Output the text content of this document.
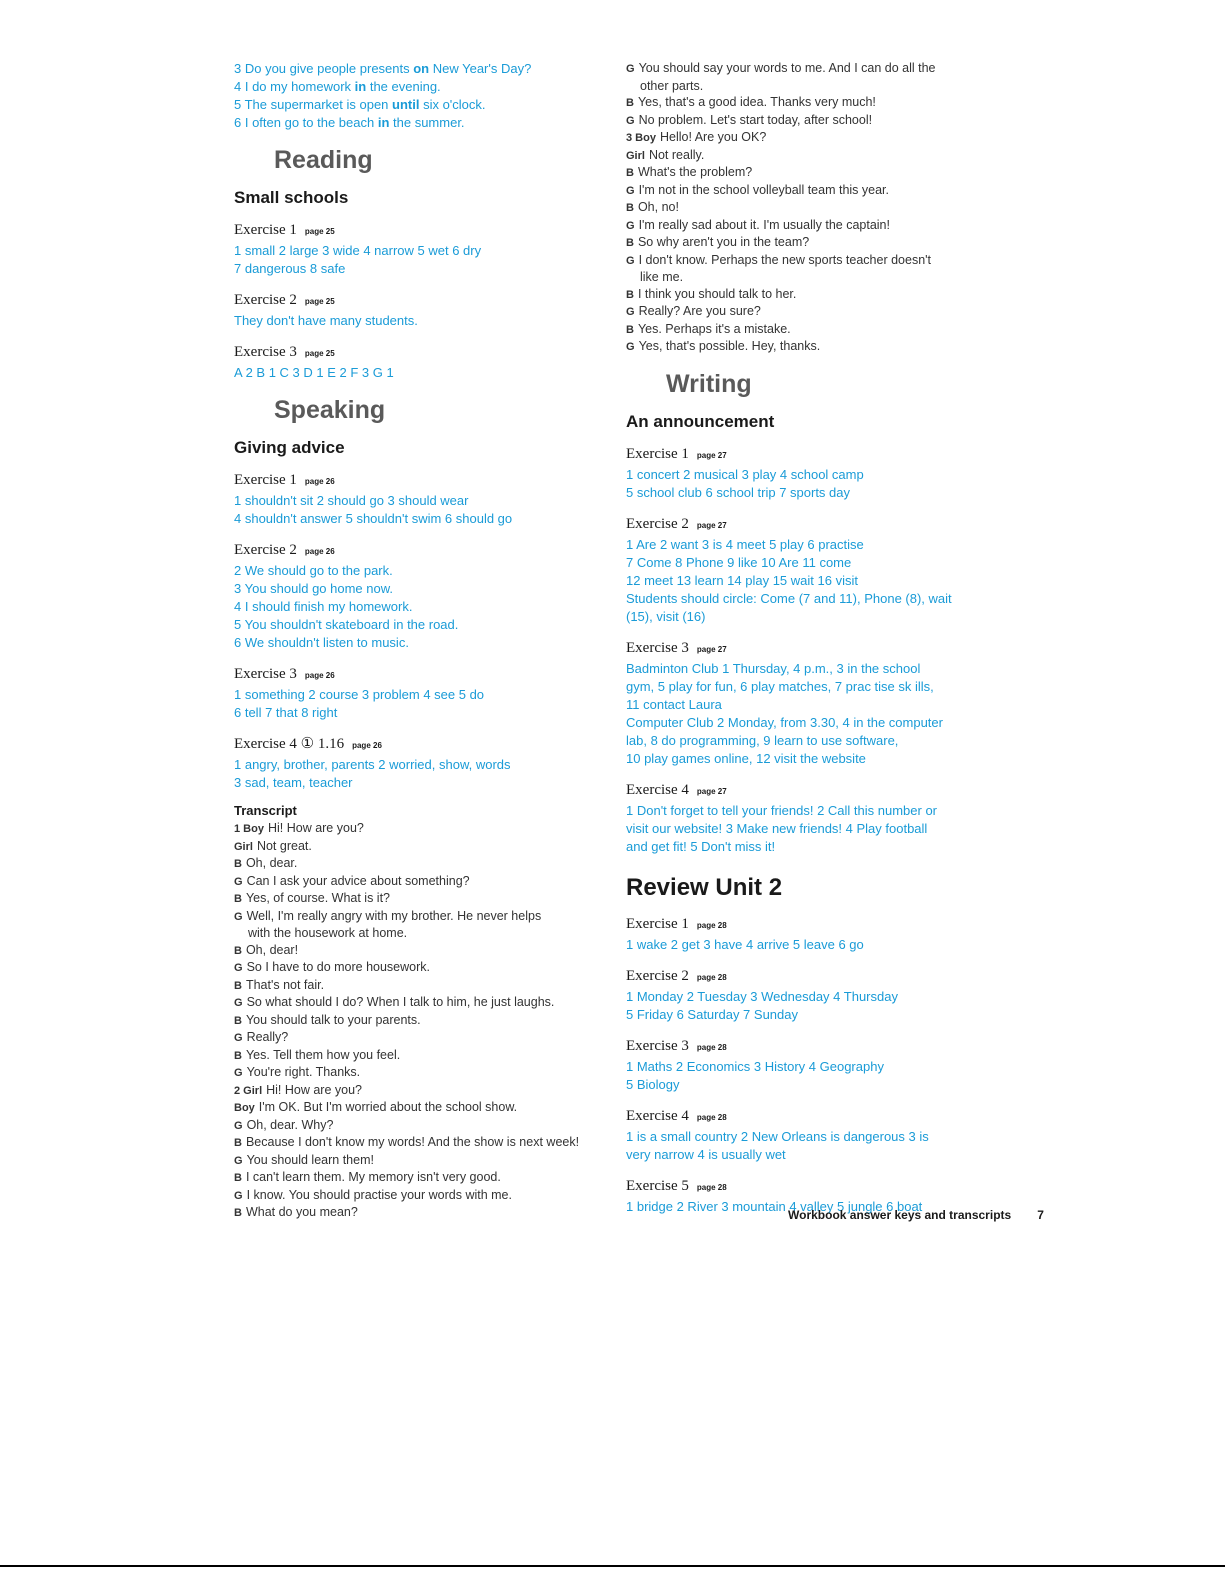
3 Do you give people presents on New Year's Day?
4 I do my homework in the evening.
5 The supermarket is open until six o'clock.
6 I often go to the beach in the summer.
Reading
Small schools
Exercise 1 page 25
1 small 2 large 3 wide 4 narrow 5 wet 6 dry
7 dangerous 8 safe
Exercise 2 page 25
They don't have many students.
Exercise 3 page 25
A 2 B 1 C 3 D 1 E 2 F 3 G 1
Speaking
Giving advice
Exercise 1 page 26
1 shouldn't sit 2 should go 3 should wear
4 shouldn't answer 5 shouldn't swim 6 should go
Exercise 2 page 26
2 We should go to the park.
3 You should go home now.
4 I should finish my homework.
5 You shouldn't skateboard in the road.
6 We shouldn't listen to music.
Exercise 3 page 26
1 something 2 course 3 problem 4 see 5 do
6 tell 7 that 8 right
Exercise 4 ① 1.16 page 26
1 angry, brother, parents 2 worried, show, words
3 sad, team, teacher
Transcript
1 Boy Hi! How are you?
Girl Not great.
B Oh, dear.
G Can I ask your advice about something?
B Yes, of course. What is it?
G Well, I'm really angry with my brother. He never helps
with the housework at home.
B Oh, dear!
G So I have to do more housework.
B That's not fair.
G So what should I do? When I talk to him, he just laughs.
B You should talk to your parents.
G Really?
B Yes. Tell them how you feel.
G You're right. Thanks.
2 Girl Hi! How are you?
Boy I'm OK. But I'm worried about the school show.
G Oh, dear. Why?
B Because I don't know my words! And the show is next week!
G You should learn them!
B I can't learn them. My memory isn't very good.
G I know. You should practise your words with me.
B What do you mean?
G You should say your words to me. And I can do all the
other parts.
B Yes, that's a good idea. Thanks very much!
G No problem. Let's start today, after school!
3 Boy Hello! Are you OK?
Girl Not really.
B What's the problem?
G I'm not in the school volleyball team this year.
B Oh, no!
G I'm really sad about it. I'm usually the captain!
B So why aren't you in the team?
G I don't know. Perhaps the new sports teacher doesn't
like me.
B I think you should talk to her.
G Really? Are you sure?
B Yes. Perhaps it's a mistake.
G Yes, that's possible. Hey, thanks.
Writing
An announcement
Exercise 1 page 27
1 concert 2 musical 3 play 4 school camp
5 school club 6 school trip 7 sports day
Exercise 2 page 27
1 Are 2 want 3 is 4 meet 5 play 6 practise
7 Come 8 Phone 9 like 10 Are 11 come
12 meet 13 learn 14 play 15 wait 16 visit
Students should circle: Come (7 and 11), Phone (8), wait
(15), visit (16)
Exercise 3 page 27
Badminton Club 1 Thursday, 4 p.m., 3 in the school
gym, 5 play for fun, 6 play matches, 7 prac tise sk ills,
11 contact Laura
Computer Club 2 Monday, from 3.30, 4 in the computer
lab, 8 do programming, 9 learn to use software,
10 play games online, 12 visit the website
Exercise 4 page 27
1 Don't forget to tell your friends! 2 Call this number or
visit our website! 3 Make new friends! 4 Play football
and get fit! 5 Don't miss it!
Review Unit 2
Exercise 1 page 28
1 wake 2 get 3 have 4 arrive 5 leave 6 go
Exercise 2 page 28
1 Monday 2 Tuesday 3 Wednesday 4 Thursday
5 Friday 6 Saturday 7 Sunday
Exercise 3 page 28
1 Maths 2 Economics 3 History 4 Geography
5 Biology
Exercise 4 page 28
1 is a small country 2 New Orleans is dangerous 3 is
very narrow 4 is usually wet
Exercise 5 page 28
1 bridge 2 River 3 mountain 4 valley 5 jungle 6 boat
Workbook answer keys and transcripts 7
